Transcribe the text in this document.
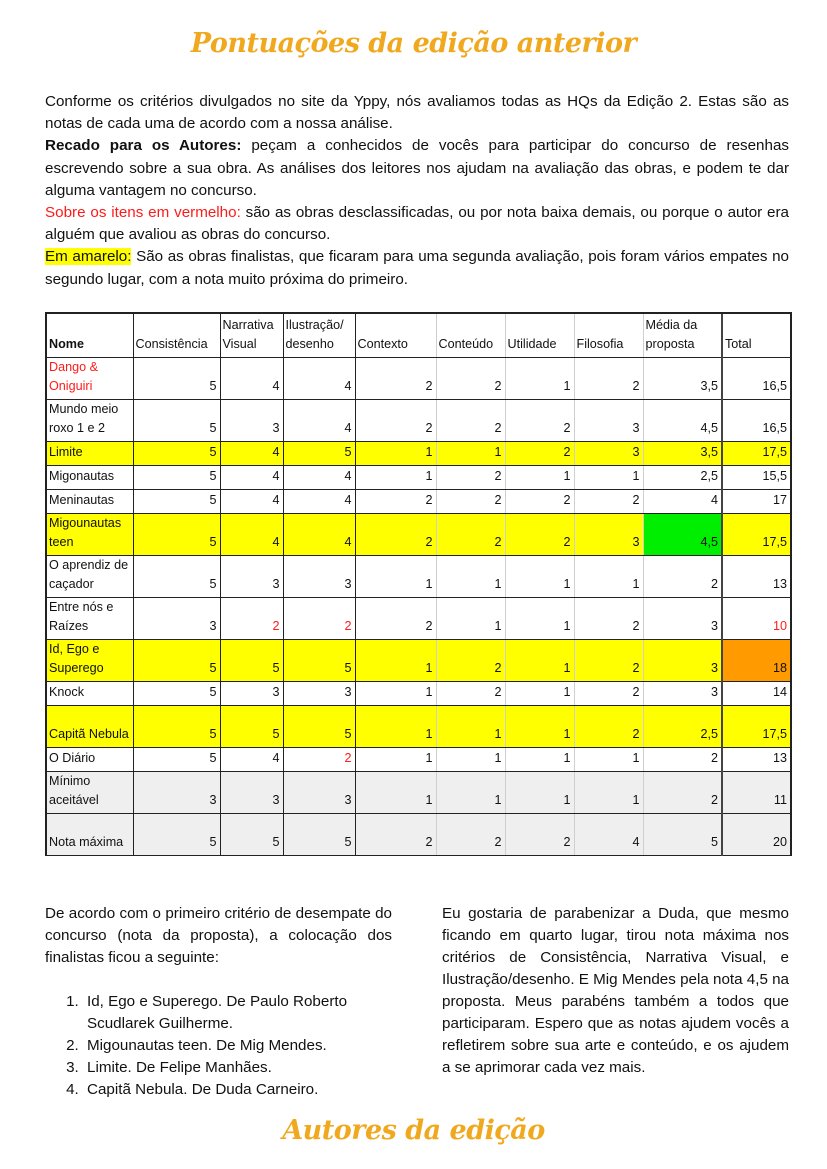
Pontuações da edição anterior

Conforme os critérios divulgados no site da Yppy, nós avaliamos todas as HQs da Edição 2. Estas são as notas de cada uma de acordo com a nossa análise.

Recado para os Autores: peçam a conhecidos de vocês para participar do concurso de resenhas escrevendo sobre a sua obra. As análises dos leitores nos ajudam na avaliação das obras, e podem te dar alguma vantagem no concurso.

Sobre os itens em vermelho: são as obras desclassificadas, ou por nota baixa demais, ou porque o autor era alguém que avaliou as obras do concurso.

Em amarelo: São as obras finalistas, que ficaram para uma segunda avaliação, pois foram vários empates no segundo lugar, com a nota muito próxima do primeiro.

Nome	Consistência	Narrativa Visual	Ilustração/ desenho	Contexto	Conteúdo	Utilidade	Filosofia	Média da proposta	Total
Dango & Oniguiri	5	4	4	2	2	1	2	3,5	16,5
Mundo meio roxo 1 e 2	5	3	4	2	2	2	3	4,5	16,5
Limite	5	4	5	1	1	2	3	3,5	17,5
Migonautas	5	4	4	1	2	1	1	2,5	15,5
Meninautas	5	4	4	2	2	2	2	4	17
Migounautas teen	5	4	4	2	2	2	3	4,5	17,5
O aprendiz de caçador	5	3	3	1	1	1	1	2	13
Entre nós e Raízes	3	2	2	2	1	1	2	3	10
Id, Ego e Superego	5	5	5	1	2	1	2	3	18
Knock	5	3	3	1	2	1	2	3	14
Capitã Nebula	5	5	5	1	1	1	2	2,5	17,5
O Diário	5	4	2	1	1	1	1	2	13
Mínimo aceitável	3	3	3	1	1	1	1	2	11
Nota máxima	5	5	5	2	2	2	4	5	20

De acordo com o primeiro critério de desempate do concurso (nota da proposta), a colocação dos finalistas ficou a seguinte:

1. Id, Ego e Superego. De Paulo Roberto Scudlarek Guilherme.
2. Migounautas teen. De Mig Mendes.
3. Limite. De Felipe Manhães.
4. Capitã Nebula. De Duda Carneiro.

Eu gostaria de parabenizar a Duda, que mesmo ficando em quarto lugar, tirou nota máxima nos critérios de Consistência, Narrativa Visual, e Ilustração/desenho. E Mig Mendes pela nota 4,5 na proposta. Meus parabéns também a todos que participaram. Espero que as notas ajudem vocês a refletirem sobre sua arte e conteúdo, e os ajudem a se aprimorar cada vez mais.

Autores da edição
